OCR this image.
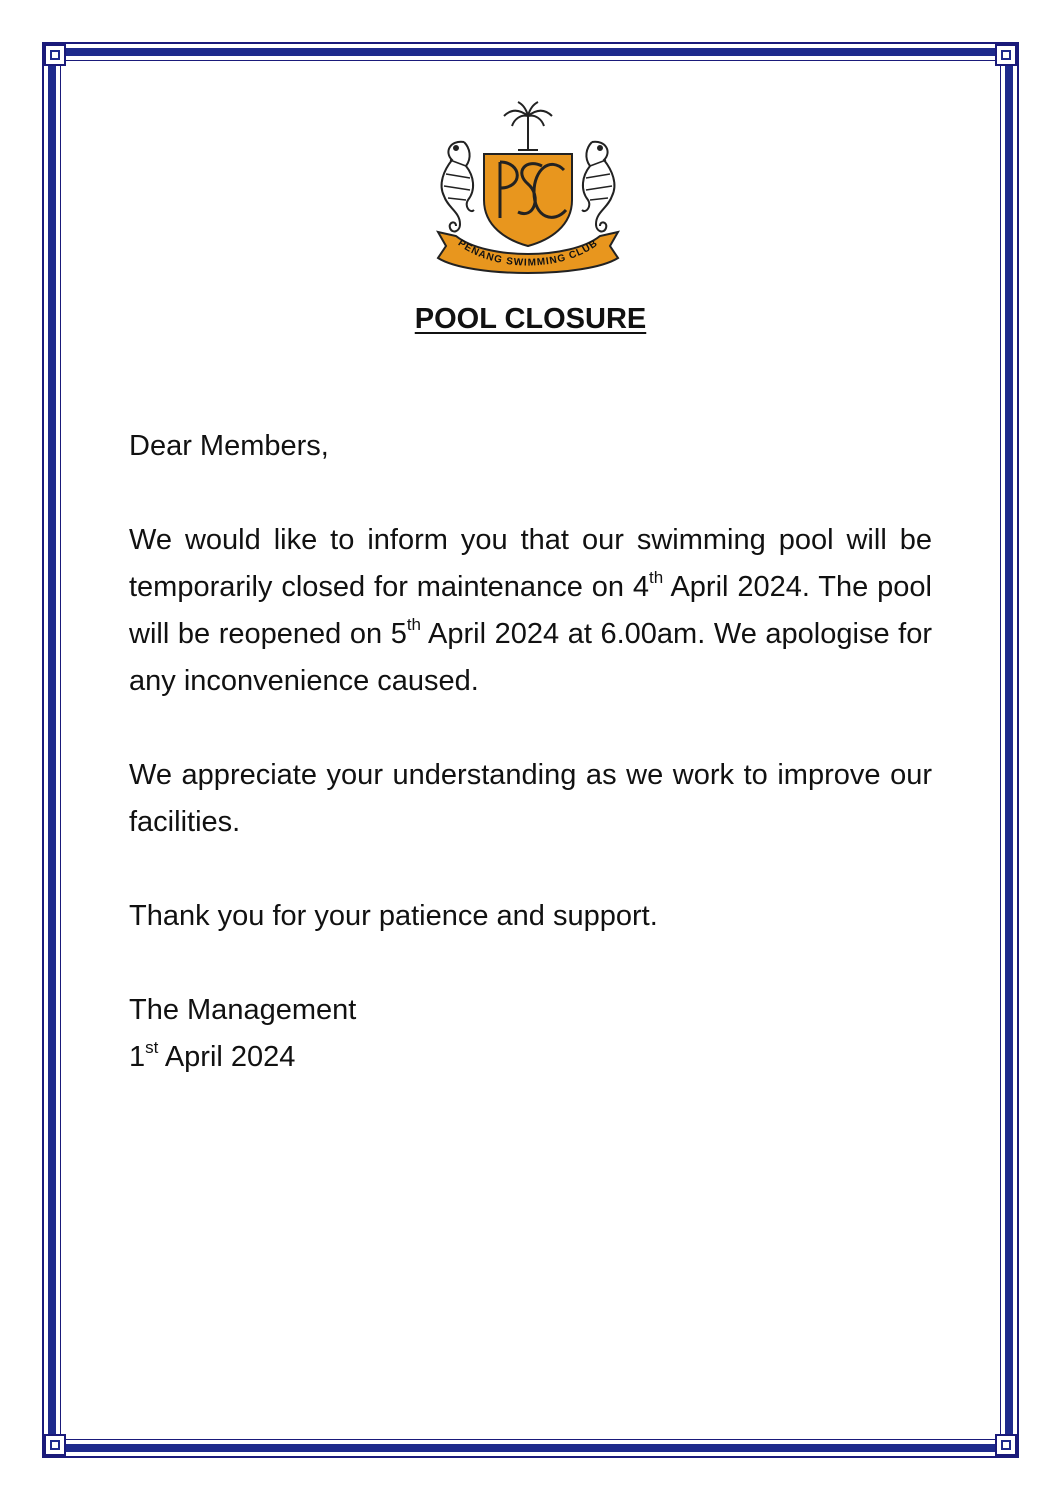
PENANG SWIMMING CLUB
POOL CLOSURE

Dear Members,

We would like to inform you that our swimming pool will be temporarily closed for maintenance on 4th April 2024. The pool will be reopened on 5th April 2024 at 6.00am. We apologise for any inconvenience caused.

We appreciate your understanding as we work to improve our facilities.

Thank you for your patience and support.

The Management

1st April 2024
